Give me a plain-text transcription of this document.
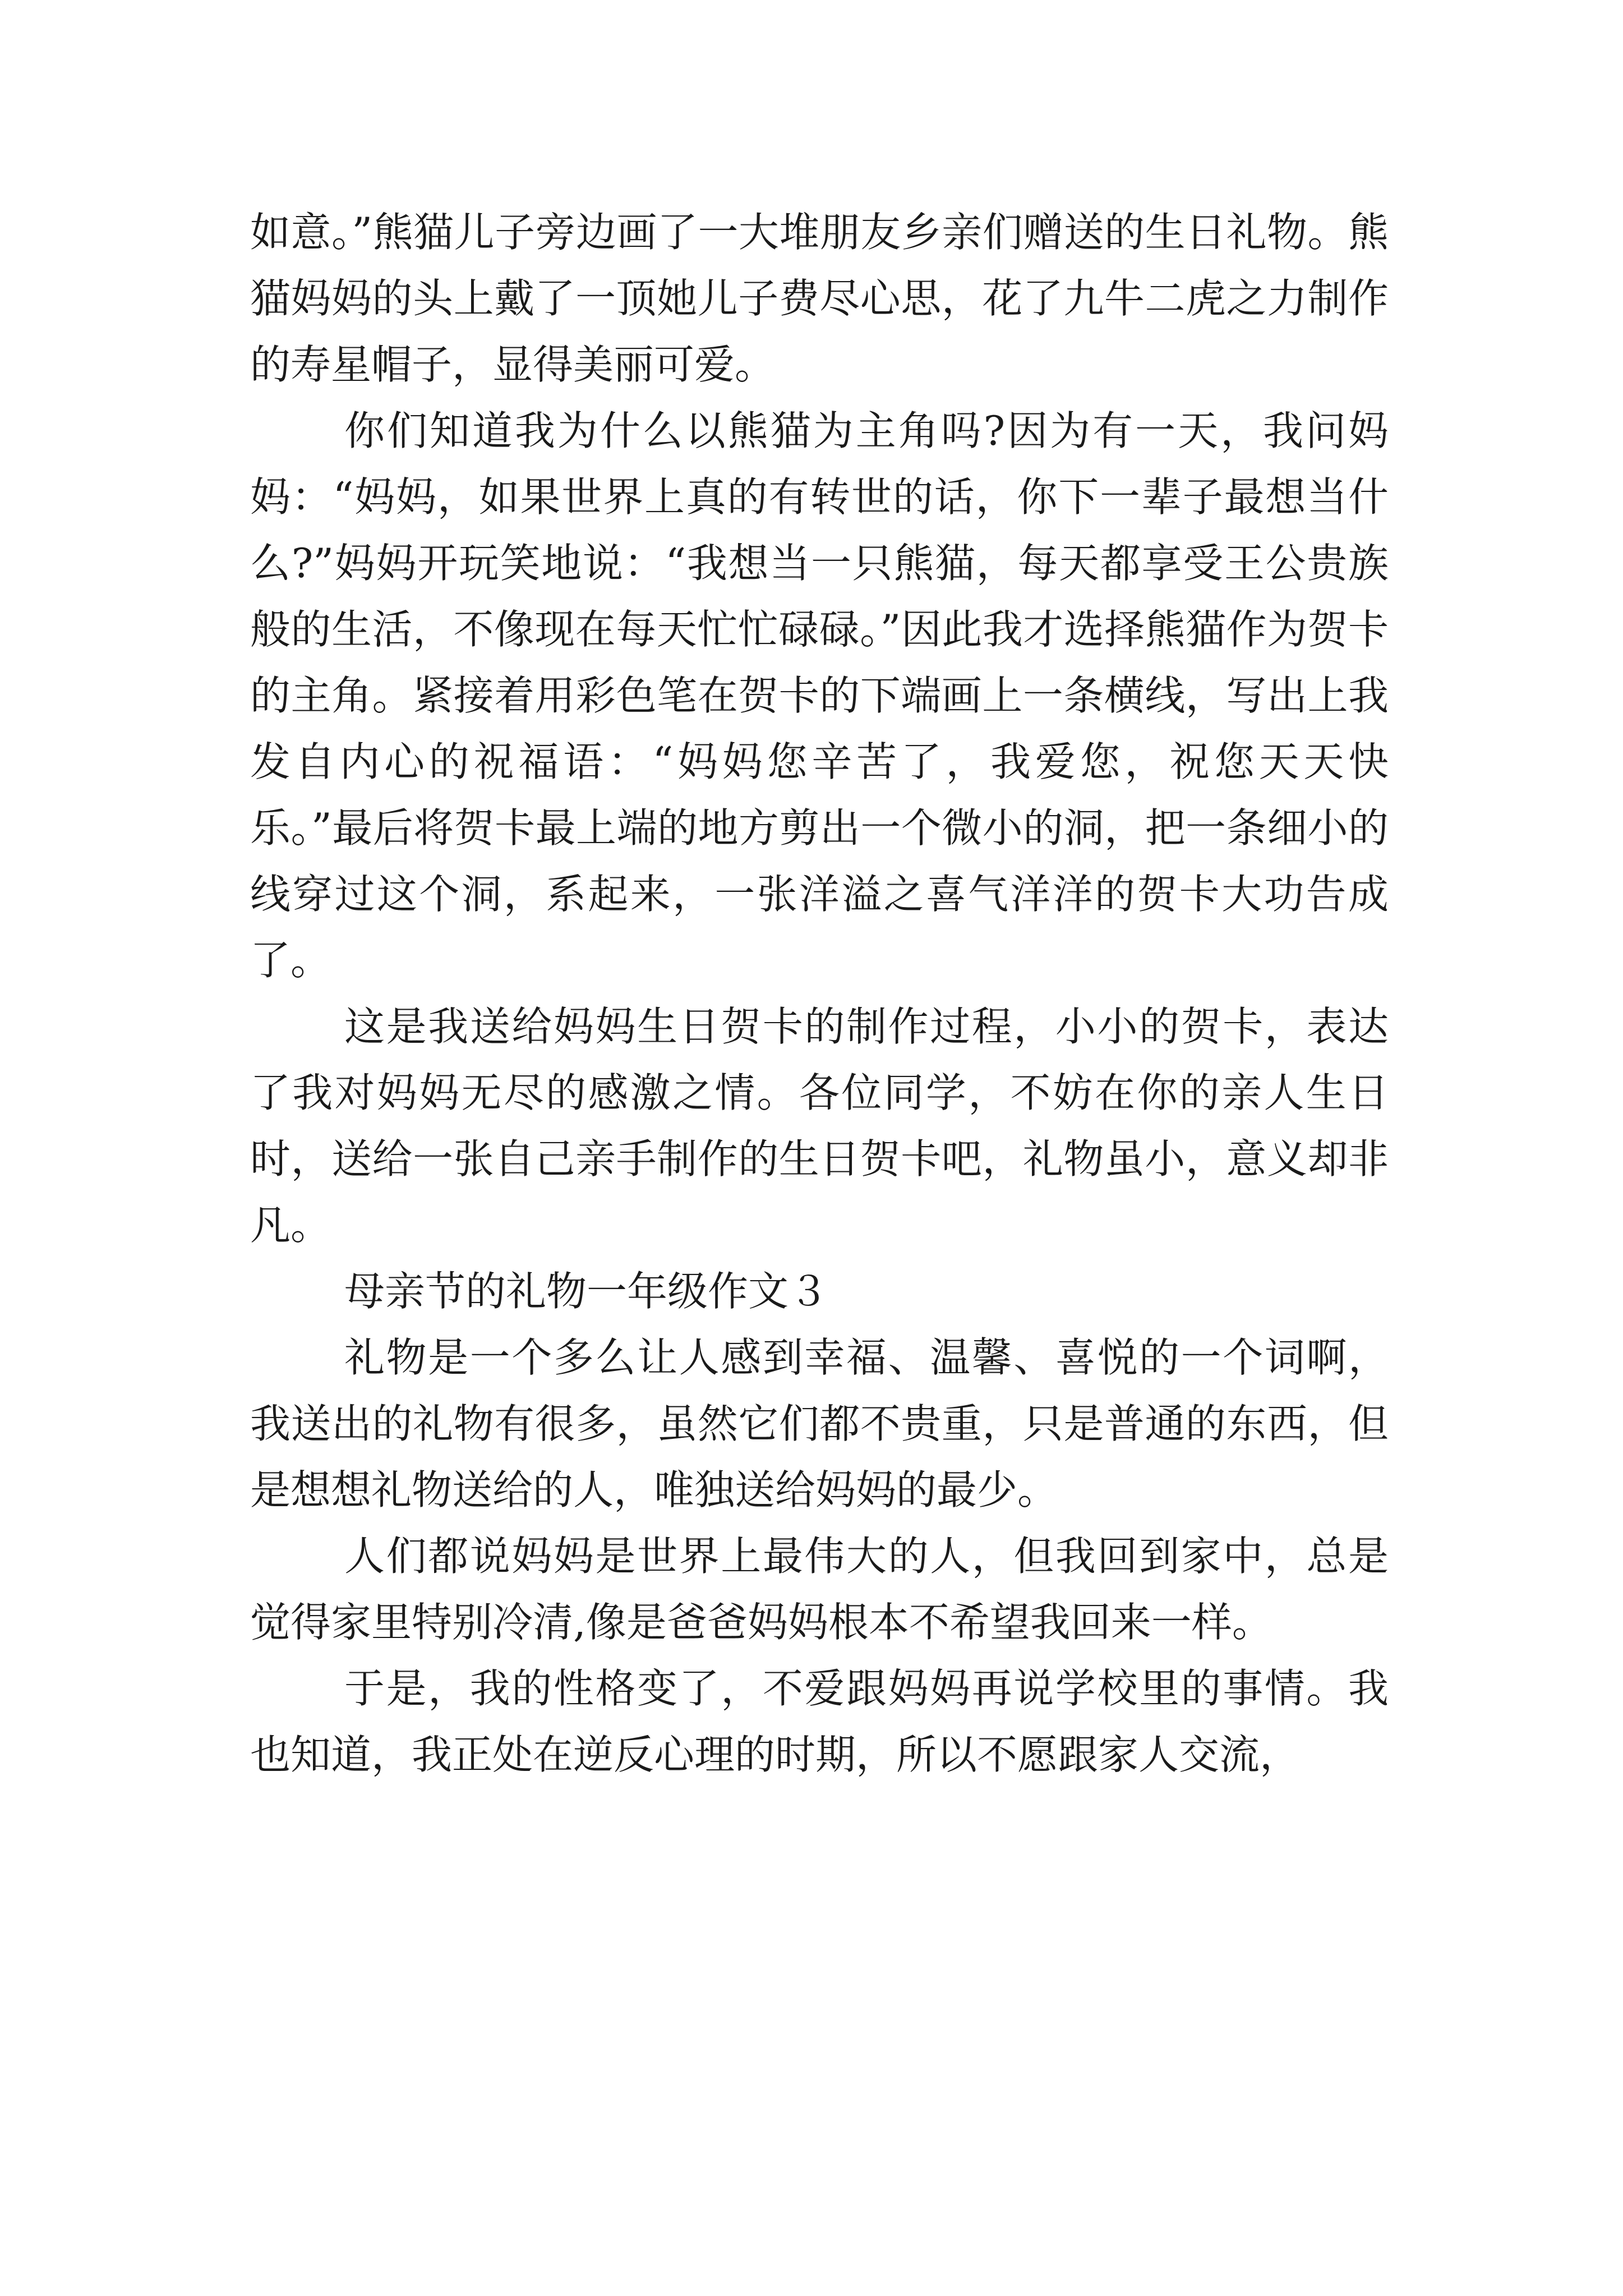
如意。”熊猫儿子旁边画了一大堆朋友乡亲们赠送的生日礼物。熊猫妈妈的头上戴了一顶她儿子费尽心思，花了九牛二虎之力制作的寿星帽子，显得美丽可爱。

你们知道我为什么以熊猫为主角吗?因为有一天，我问妈妈：“妈妈，如果世界上真的有转世的话，你下一辈子最想当什么?”妈妈开玩笑地说：“我想当一只熊猫，每天都享受王公贵族般的生活，不像现在每天忙忙碌碌。”因此我才选择熊猫作为贺卡的主角。紧接着用彩色笔在贺卡的下端画上一条横线，写出上我发自内心的祝福语：“妈妈您辛苦了，我爱您，祝您天天快乐。”最后将贺卡最上端的地方剪出一个微小的洞，把一条细小的线穿过这个洞，系起来，一张洋溢之喜气洋洋的贺卡大功告成了。

这是我送给妈妈生日贺卡的制作过程，小小的贺卡，表达了我对妈妈无尽的感激之情。各位同学，不妨在你的亲人生日时，送给一张自己亲手制作的生日贺卡吧，礼物虽小，意义却非凡。

母亲节的礼物一年级作文３

礼物是一个多么让人感到幸福、温馨、喜悦的一个词啊，我送出的礼物有很多，虽然它们都不贵重，只是普通的东西，但是想想礼物送给的人，唯独送给妈妈的最少。

人们都说妈妈是世界上最伟大的人，但我回到家中，总是觉得家里特别冷清,像是爸爸妈妈根本不希望我回来一样。

于是，我的性格变了，不爱跟妈妈再说学校里的事情。我也知道，我正处在逆反心理的时期，所以不愿跟家人交流，
